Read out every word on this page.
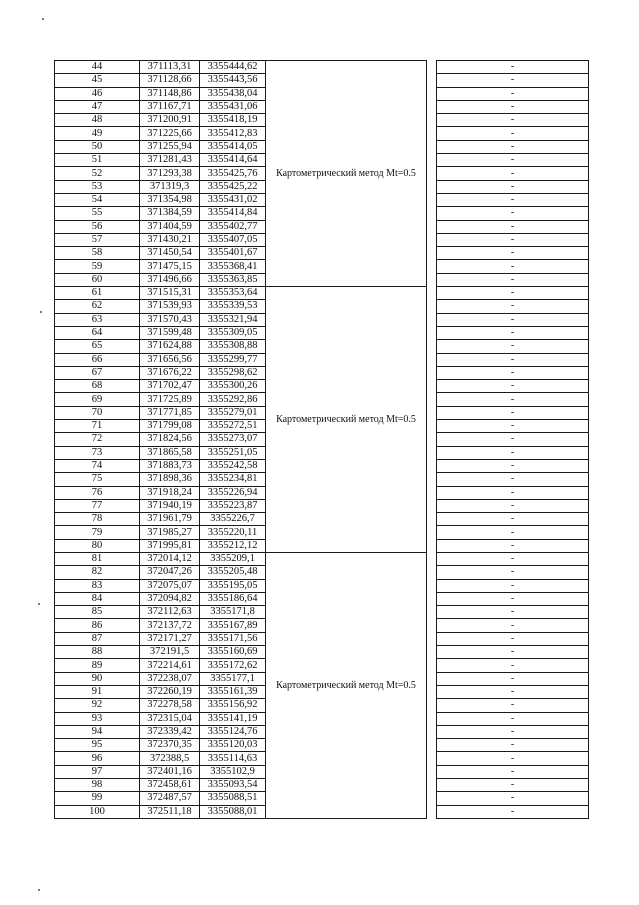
44	371113,31	3355444,62	Картометрический метод Mt=0.5		-
45	371128,66	3355443,56			-
46	371148,86	3355438,04			-
47	371167,71	3355431,06			-
48	371200,91	3355418,19			-
49	371225,66	3355412,83			-
50	371255,94	3355414,05			-
51	371281,43	3355414,64			-
52	371293,38	3355425,76			-
53	371319,3	3355425,22			-
54	371354,98	3355431,02			-
55	371384,59	3355414,84			-
56	371404,59	3355402,77			-
57	371430,21	3355407,05			-
58	371450,54	3355401,67			-
59	371475,15	3355368,41			-
60	371496,66	3355363,85			-
61	371515,31	3355353,64	Картометрический метод Mt=0.5		-
62	371539,93	3355339,53			-
63	371570,43	3355321,94			-
64	371599,48	3355309,05			-
65	371624,88	3355308,88			-
66	371656,56	3355299,77			-
67	371676,22	3355298,62			-
68	371702,47	3355300,26			-
69	371725,89	3355292,86			-
70	371771,85	3355279,01			-
71	371799,08	3355272,51			-
72	371824,56	3355273,07			-
73	371865,58	3355251,05			-
74	371883,73	3355242,58			-
75	371898,36	3355234,81			-
76	371918,24	3355226,94			-
77	371940,19	3355223,87			-
78	371961,79	3355226,7			-
79	371985,27	3355220,11			-
80	371995,81	3355212,12			-
81	372014,12	3355209,1	Картометрический метод Mt=0.5		-
82	372047,26	3355205,48			-
83	372075,07	3355195,05			-
84	372094,82	3355186,64			-
85	372112,63	3355171,8			-
86	372137,72	3355167,89			-
87	372171,27	3355171,56			-
88	372191,5	3355160,69			-
89	372214,61	3355172,62			-
90	372238,07	3355177,1			-
91	372260,19	3355161,39			-
92	372278,58	3355156,92			-
93	372315,04	3355141,19			-
94	372339,42	3355124,76			-
95	372370,35	3355120,03			-
96	372388,5	3355114,63			-
97	372401,16	3355102,9			-
98	372458,61	3355093,54			-
99	372487,57	3355088,51			-
100	372511,18	3355088,01			-
